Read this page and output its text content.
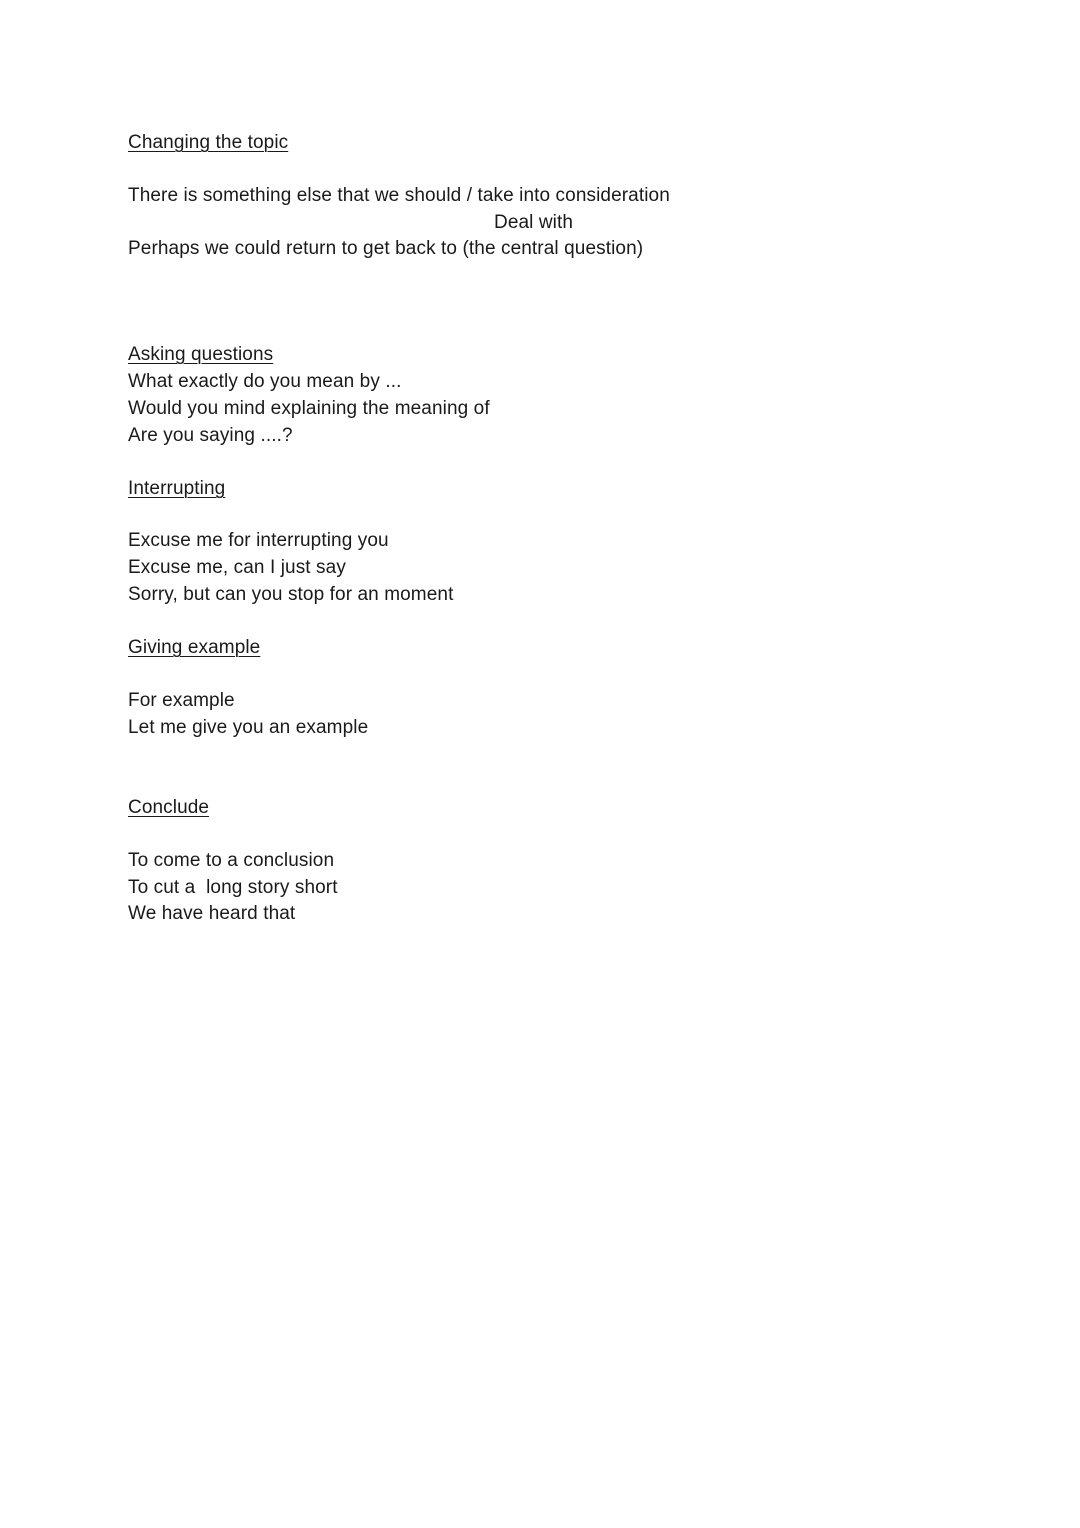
Changing the topic
There is something else that we should / take into consideration
Deal with
Perhaps we could return to get back to (the central question)
Asking questions
What exactly do you mean by ...
Would you mind explaining the meaning of
Are you saying ....?
Interrupting
Excuse me for interrupting you
Excuse me, can I just say
Sorry, but can you stop for an moment
Giving example
For example
Let me give you an example
Conclude
To come to a conclusion
To cut a  long story short
We have heard that
